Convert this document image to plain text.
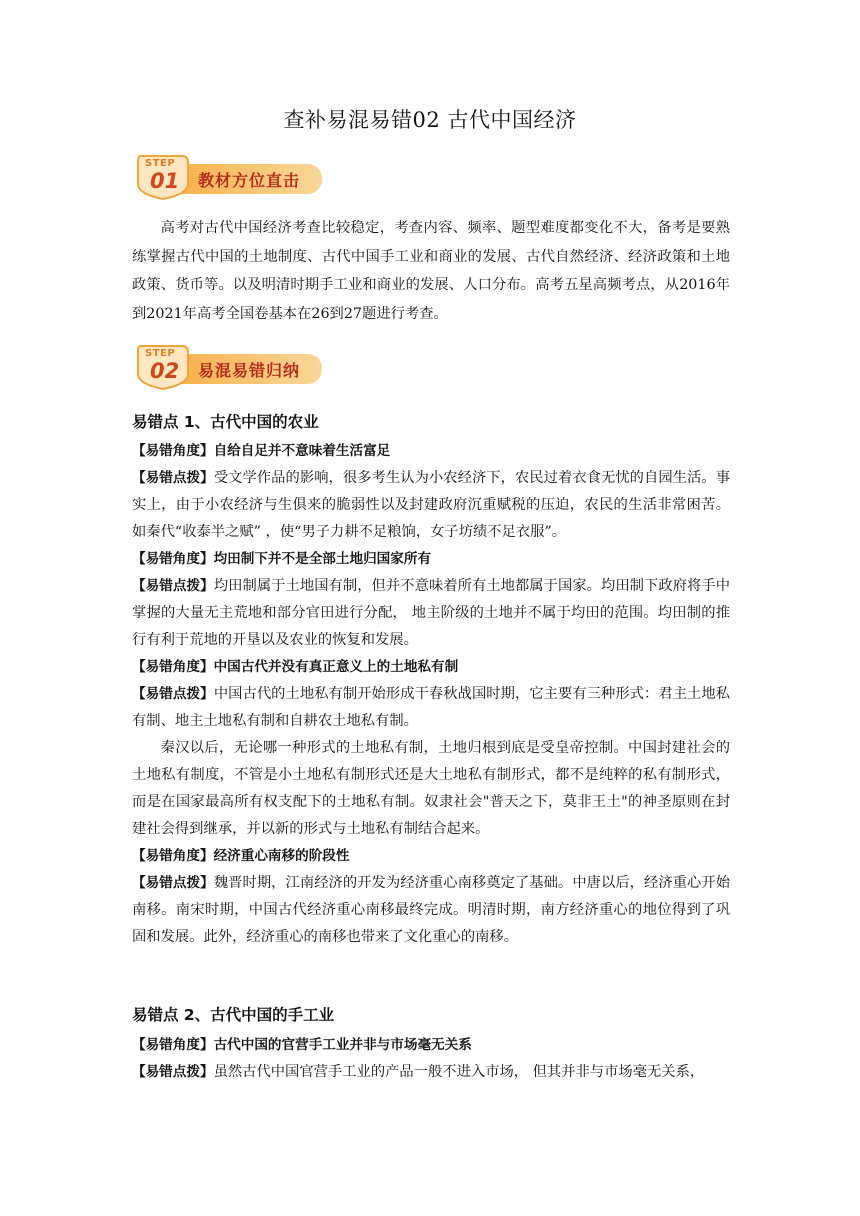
查补易混易错02 古代中国经济
STEP
01 教材方位直击

高考对古代中国经济考查比较稳定，考查内容、频率、题型难度都变化不大，备考是要熟练掌握古代中国的土地制度、古代中国手工业和商业的发展、古代自然经济、经济政策和土地政策、货币等。以及明清时期手工业和商业的发展、人口分布。高考五星高频考点，从2016年到2021年高考全国卷基本在26到27题进行考查。

STEP
02 易混易错归纳
易错点 1、古代中国的农业

【易错角度】自给自足并不意味着生活富足

【易错点拨】受文学作品的影响，很多考生认为小农经济下，农民过着衣食无忧的自园生活。事实上，由于小农经济与生俱来的脆弱性以及封建政府沉重赋税的压迫，农民的生活非常困苦。 如秦代“收泰半之赋” ，使“男子力耕不足粮饷，女子坊绩不足衣服”。

【易错角度】均田制下并不是全部土地归国家所有

【易错点拨】均田制属于土地国有制，但并不意味着所有土地都属于国家。均田制下政府将手中掌握的大量无主荒地和部分官田进行分配， 地主阶级的土地并不属于均田的范围。均田制的推 行有利于荒地的开垦以及农业的恢复和发展。

【易错角度】中国古代并没有真正意义上的土地私有制

【易错点拨】中国古代的土地私有制开始形成干春秋战国时期，它主要有三种形式：君主土地私有制、地主土地私有制和自耕农土地私有制。

秦汉以后，无论哪一种形式的土地私有制，土地归根到底是受皇帝控制。中国封建社会的土地私有制度，不管是小土地私有制形式还是大土地私有制形式，都不是纯粹的私有制形式，而是在国家最高所有权支配下的土地私有制。奴隶社会"普天之下，莫非王土"的神圣原则在封建社会得到继承，并以新的形式与土地私有制结合起来。

【易错角度】经济重心南移的阶段性

【易错点拨】魏晋时期，江南经济的开发为经济重心南移奠定了基础。中唐以后，经济重心开始南移。南宋时期，中国古代经济重心南移最终完成。明清时期，南方经济重心的地位得到了巩固和发展。此外，经济重心的南移也带来了文化重心的南移。

易错点 2、古代中国的手工业

【易错角度】古代中国的官营手工业并非与市场毫无关系

【易错点拨】虽然古代中国官营手工业的产品一般不进入市场， 但其并非与市场毫无关系，
